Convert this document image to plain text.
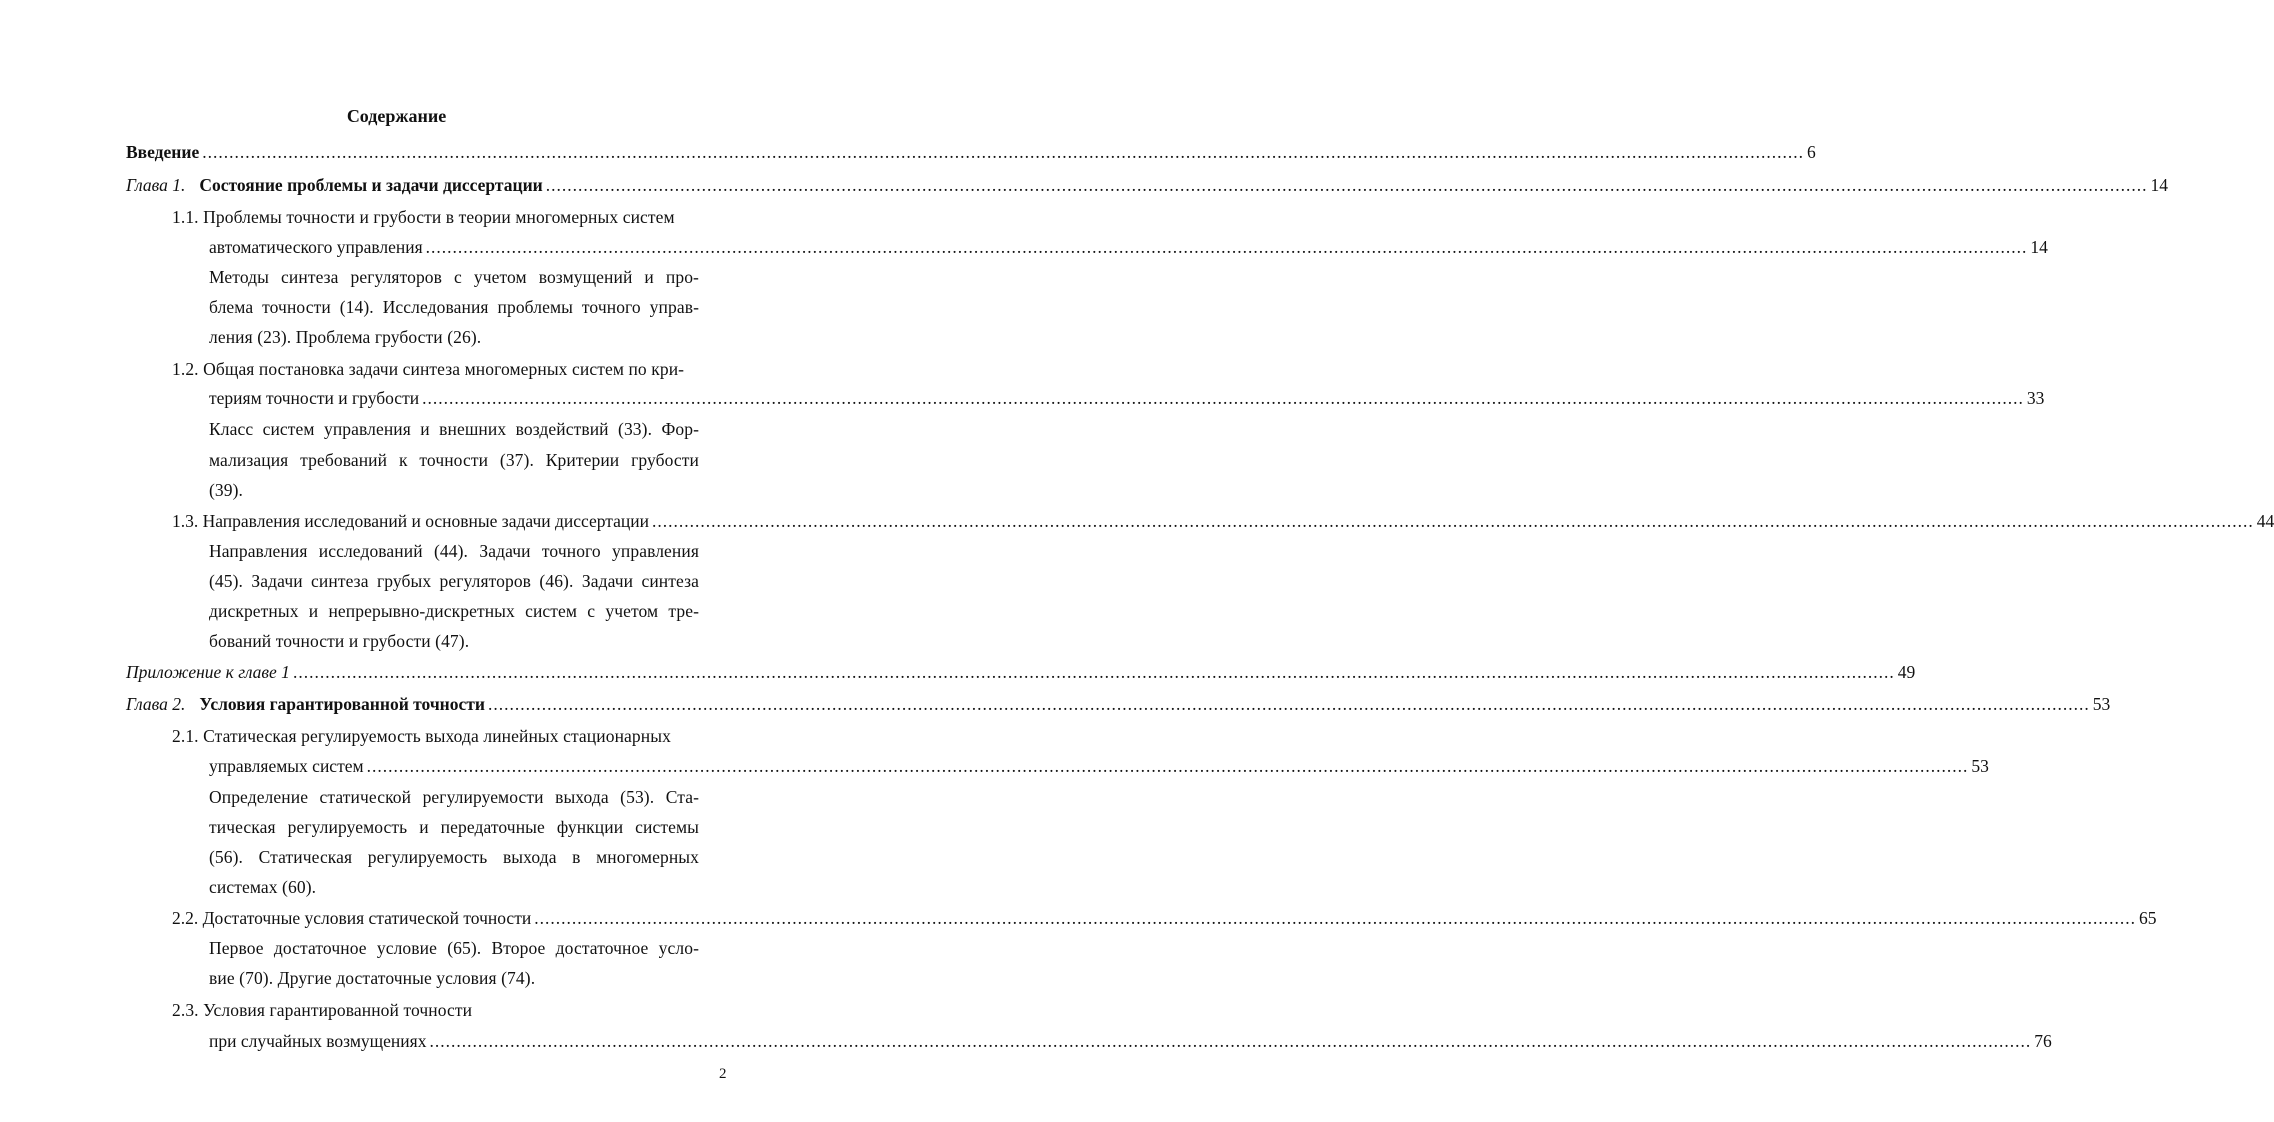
Содержание
Введение .......................................................................................................................................................................................................................................................................................................... 6
Глава 1. Состояние проблемы и задачи диссертации .......................................................................................................................................................................................................................................................................................................... 14
1.1. Проблемы точности и грубости в теории многомерных систем
автоматического управления .......................................................................................................................................................................................................................................................................................................... 14
Методы синтеза регуляторов с учетом возмущений и про-
блема точности (14). Исследования проблемы точного управ-
ления (23). Проблема грубости (26).
1.2. Общая постановка задачи синтеза многомерных систем по кри-
териям точности и грубости .......................................................................................................................................................................................................................................................................................................... 33
Класс систем управления и внешних воздействий (33). Фор-
мализация требований к точности (37). Критерии грубости
(39).
1.3. Направления исследований и основные задачи диссертации .......................................................................................................................................................................................................................................................................................................... 44
Направления исследований (44). Задачи точного управления
(45). Задачи синтеза грубых регуляторов (46). Задачи синтеза
дискретных и непрерывно-дискретных систем с учетом тре-
бований точности и грубости (47).
Приложение к главе 1 .......................................................................................................................................................................................................................................................................................................... 49
Глава 2. Условия гарантированной точности .......................................................................................................................................................................................................................................................................................................... 53
2.1. Статическая регулируемость выхода линейных стационарных
управляемых систем .......................................................................................................................................................................................................................................................................................................... 53
Определение статической регулируемости выхода (53). Ста-
тическая регулируемость и передаточные функции системы
(56). Статическая регулируемость выхода в многомерных
системах (60).
2.2. Достаточные условия статической точности .......................................................................................................................................................................................................................................................................................................... 65
Первое достаточное условие (65). Второе достаточное усло-
вие (70). Другие достаточные условия (74).
2.3. Условия гарантированной точности
при случайных возмущениях .......................................................................................................................................................................................................................................................................................................... 76
2
